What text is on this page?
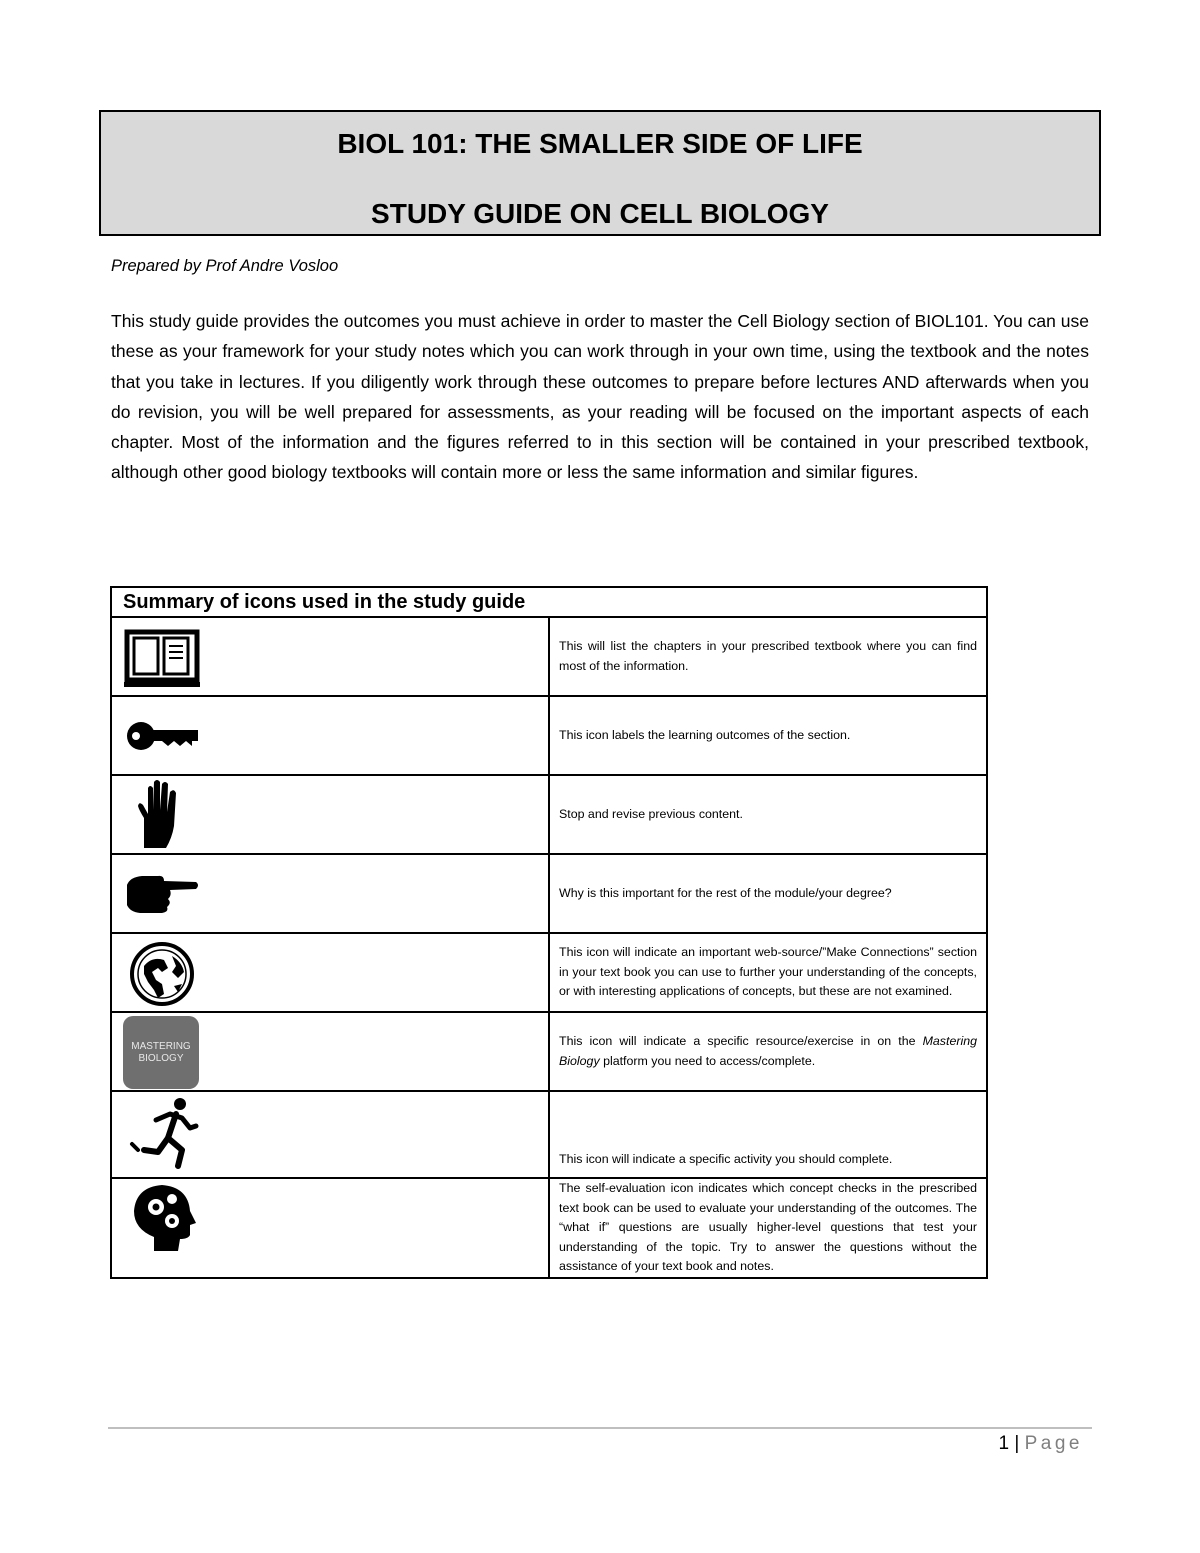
BIOL 101: THE SMALLER SIDE OF LIFE
STUDY GUIDE ON CELL BIOLOGY
Prepared by Prof Andre Vosloo
This study guide provides the outcomes you must achieve in order to master the Cell Biology section of BIOL101. You can use these as your framework for your study notes which you can work through in your own time, using the textbook and the notes that you take in lectures. If you diligently work through these outcomes to prepare before lectures AND afterwards when you do revision, you will be well prepared for assessments, as your reading will be focused on the important aspects of each chapter. Most of the information and the figures referred to in this section will be contained in your prescribed textbook, although other good biology textbooks will contain more or less the same information and similar figures.
Summary of icons used in the study guide	

	This will list the chapters in your prescribed textbook where you can find most of the information.

	This icon labels the learning outcomes of the section.

	Stop and revise previous content.

	Why is this important for the rest of the module/your degree?

	This icon will indicate an important web-source/”Make Connections” section in your text book you can use to further your understanding of the concepts, or with interesting applications of concepts, but these are not examined.

MASTERING
BIOLOGY	This icon will indicate a specific resource/exercise in on the Mastering Biology platform you need to access/complete.

	This icon will indicate a specific activity you should complete.

	The self-evaluation icon indicates which concept checks in the prescribed text book can be used to evaluate your understanding of the outcomes. The “what if” questions are usually higher-level questions that test your understanding of the topic. Try to answer the questions without the assistance of your text book and notes.
1 | Page
